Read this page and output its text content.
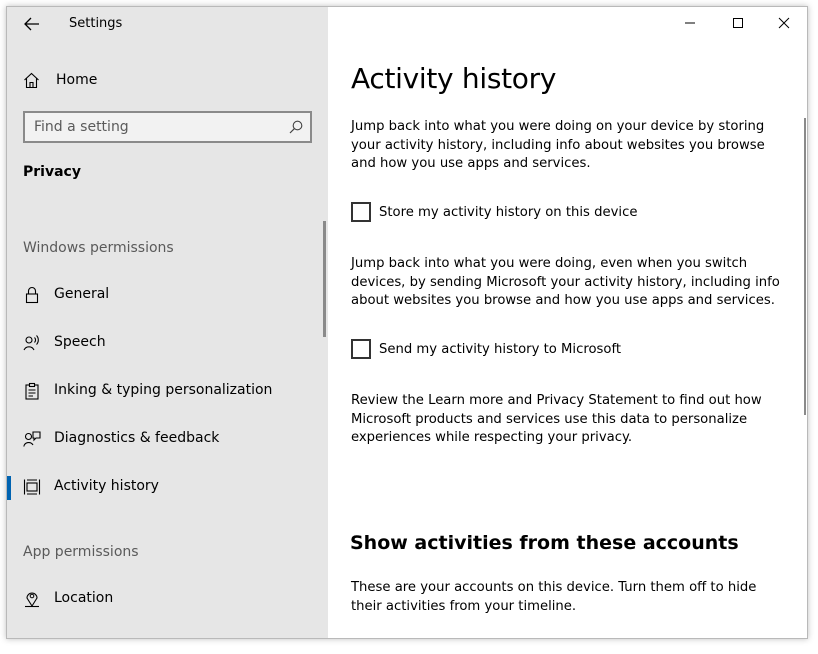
Settings
Home
Find a setting
Privacy
Windows permissions
General
Speech
Inking & typing personalization
Diagnostics & feedback
Activity history
App permissions
Location
Activity history

Jump back into what you were doing on your device by storing your activity history, including info about websites you browse and how you use apps and services.

Store my activity history on this device

Jump back into what you were doing, even when you switch devices, by sending Microsoft your activity history, including info about websites you browse and how you use apps and services.

Send my activity history to Microsoft

Review the Learn more and Privacy Statement to find out how Microsoft products and services use this data to personalize experiences while respecting your privacy.

Show activities from these accounts

These are your accounts on this device. Turn them off to hide their activities from your timeline.
